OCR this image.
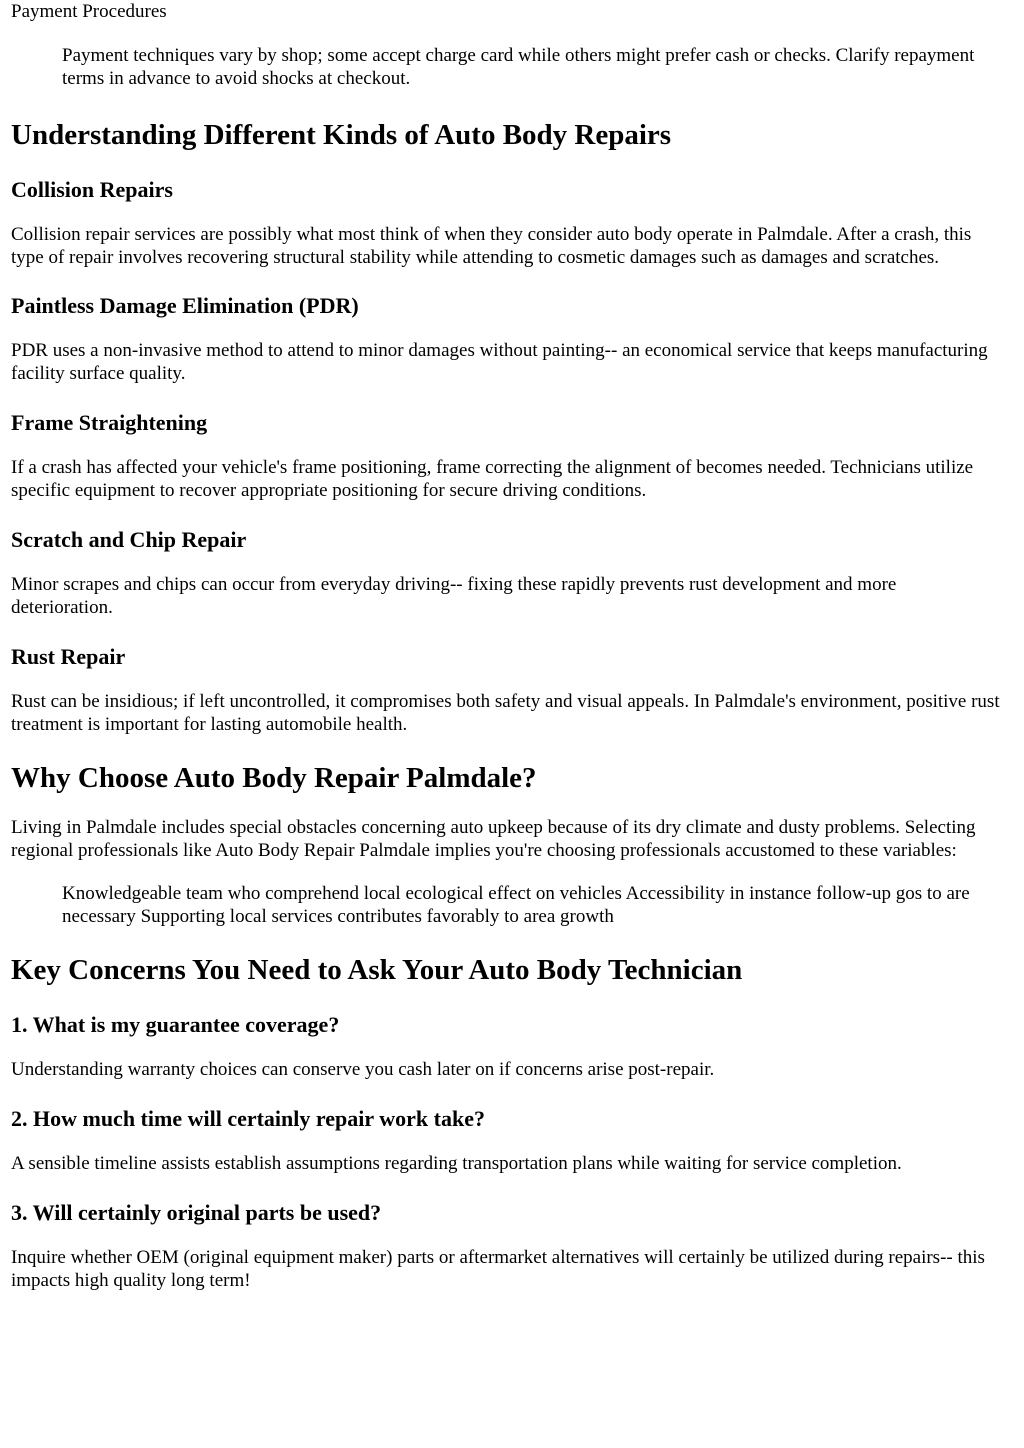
Payment Procedures

Payment techniques vary by shop; some accept charge card while others might prefer cash or checks. Clarify repayment terms in advance to avoid shocks at checkout.
Understanding Different Kinds of Auto Body Repairs
Collision Repairs

Collision repair services are possibly what most think of when they consider auto body operate in Palmdale. After a crash, this type of repair involves recovering structural stability while attending to cosmetic damages such as damages and scratches.

Paintless Damage Elimination (PDR)

PDR uses a non-invasive method to attend to minor damages without painting-- an economical service that keeps manufacturing facility surface quality.

Frame Straightening

If a crash has affected your vehicle's frame positioning, frame correcting the alignment of becomes needed. Technicians utilize specific equipment to recover appropriate positioning for secure driving conditions.

Scratch and Chip Repair

Minor scrapes and chips can occur from everyday driving-- fixing these rapidly prevents rust development and more deterioration.

Rust Repair

Rust can be insidious; if left uncontrolled, it compromises both safety and visual appeals. In Palmdale's environment, positive rust treatment is important for lasting automobile health.

Why Choose Auto Body Repair Palmdale?

Living in Palmdale includes special obstacles concerning auto upkeep because of its dry climate and dusty problems. Selecting regional professionals like Auto Body Repair Palmdale implies you're choosing professionals accustomed to these variables:

Knowledgeable team who comprehend local ecological effect on vehicles Accessibility in instance follow-up gos to are necessary Supporting local services contributes favorably to area growth
Key Concerns You Need to Ask Your Auto Body Technician
1. What is my guarantee coverage?

Understanding warranty choices can conserve you cash later on if concerns arise post-repair.

2. How much time will certainly repair work take?

A sensible timeline assists establish assumptions regarding transportation plans while waiting for service completion.

3. Will certainly original parts be used?

Inquire whether OEM (original equipment maker) parts or aftermarket alternatives will certainly be utilized during repairs-- this impacts high quality long term!
